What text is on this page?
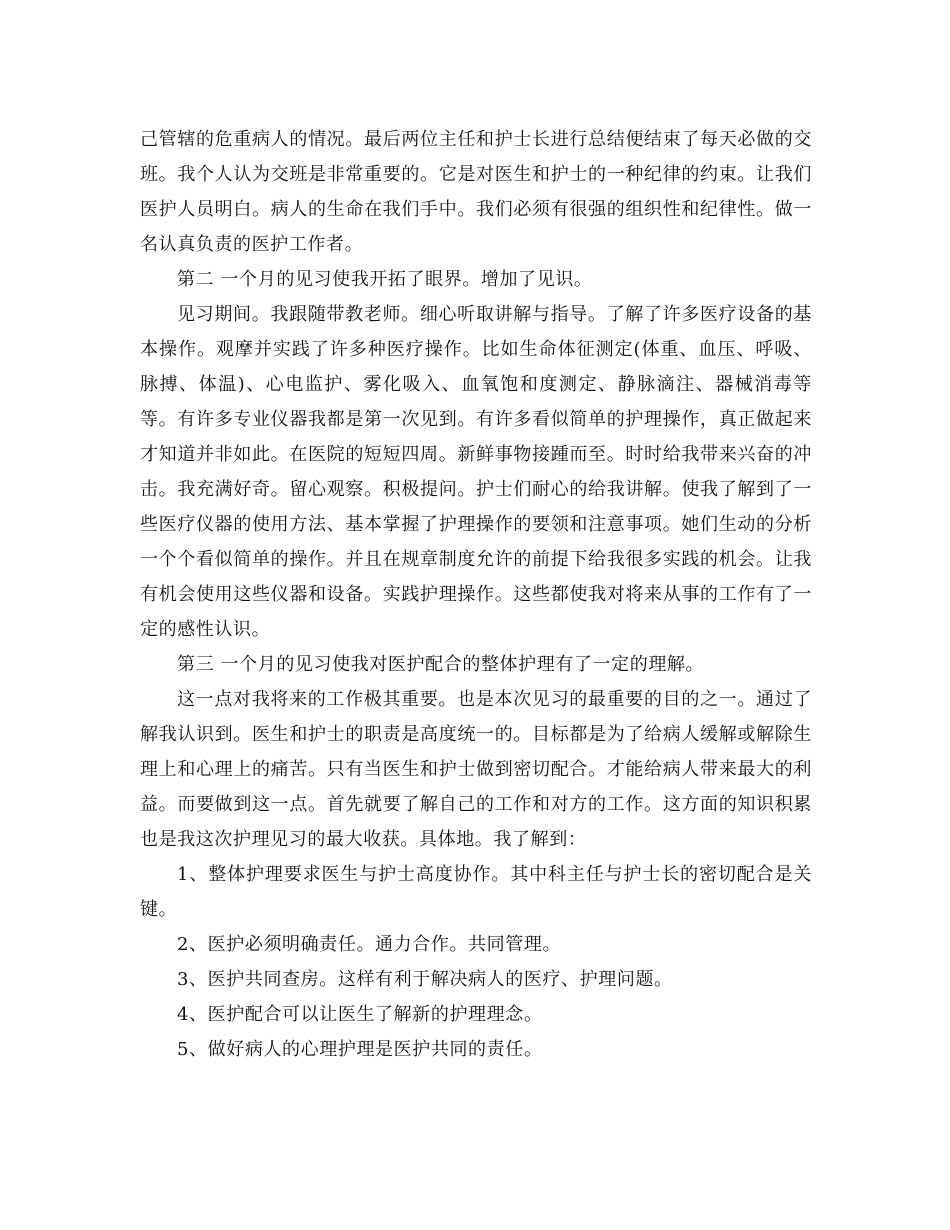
己管辖的危重病人的情况。最后两位主任和护士长进行总结便结束了每天必做的交班。我个人认为交班是非常重要的。它是对医生和护士的一种纪律的约束。让我们医护人员明白。病人的生命在我们手中。我们必须有很强的组织性和纪律性。做一名认真负责的医护工作者。

第二 一个月的见习使我开拓了眼界。增加了见识。

见习期间。我跟随带教老师。细心听取讲解与指导。了解了许多医疗设备的基本操作。观摩并实践了许多种医疗操作。比如生命体征测定(体重、血压、呼吸、脉搏、体温)、心电监护、雾化吸入、血氧饱和度测定、静脉滴注、器械消毒等等。有许多专业仪器我都是第一次见到。有许多看似简单的护理操作，真正做起来才知道并非如此。在医院的短短四周。新鲜事物接踵而至。时时给我带来兴奋的冲击。我充满好奇。留心观察。积极提问。护士们耐心的给我讲解。使我了解到了一些医疗仪器的使用方法、基本掌握了护理操作的要领和注意事项。她们生动的分析一个个看似简单的操作。并且在规章制度允许的前提下给我很多实践的机会。让我有机会使用这些仪器和设备。实践护理操作。这些都使我对将来从事的工作有了一定的感性认识。

第三 一个月的见习使我对医护配合的整体护理有了一定的理解。

这一点对我将来的工作极其重要。也是本次见习的最重要的目的之一。通过了解我认识到。医生和护士的职责是高度统一的。目标都是为了给病人缓解或解除生理上和心理上的痛苦。只有当医生和护士做到密切配合。才能给病人带来最大的利益。而要做到这一点。首先就要了解自己的工作和对方的工作。这方面的知识积累也是我这次护理见习的最大收获。具体地。我了解到：

1、整体护理要求医生与护士高度协作。其中科主任与护士长的密切配合是关键。

2、医护必须明确责任。通力合作。共同管理。

3、医护共同查房。这样有利于解决病人的医疗、护理问题。

4、医护配合可以让医生了解新的护理理念。

5、做好病人的心理护理是医护共同的责任。
